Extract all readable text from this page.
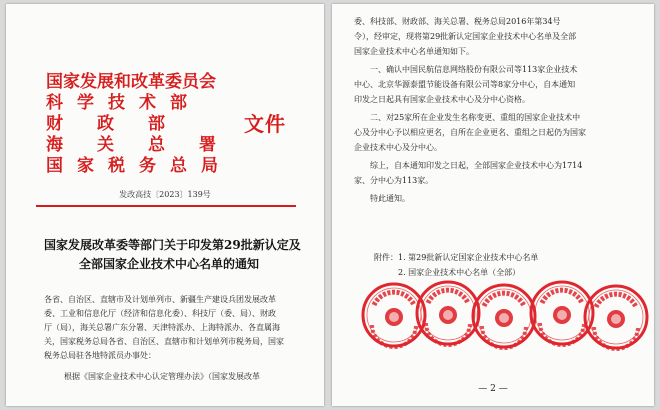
国家发展和改革委员会
科学技术部
财政部
海关总署
国家税务总局
文件
发改高技〔2023〕139号
国家发展改革委等部门关于印发第29批新认定及
全部国家企业技术中心名单的通知
各省、自治区、直辖市及计划单列市、新疆生产建设兵团发展改革
委、工业和信息化厅（经济和信息化委）、科技厅（委、局）、财政
厅（局），海关总署广东分署、天津特派办、上海特派办、各直属海
关，国家税务总局各省、自治区、直辖市和计划单列市税务局，国家
税务总局驻各地特派员办事处：
根据《国家企业技术中心认定管理办法》（国家发展改革
委、科技部、财政部、海关总署、税务总局2016年第34号
令），经审定，现将第29批新认定国家企业技术中心名单及全部
国家企业技术中心名单通知如下。
一、确认中国民航信息网络股份有限公司等113家企业技术
中心、北京华源泰盟节能设备有限公司等8家分中心，自本通知
印发之日起具有国家企业技术中心及分中心资格。
二、对25家所在企业发生名称变更、重组的国家企业技术中
心及分中心予以相应更名，自所在企业更名、重组之日起仍为国家
企业技术中心及分中心。
综上，自本通知印发之日起，全部国家企业技术中心为1714
家、分中心为113家。
特此通知。
附件：1. 第29批新认定国家企业技术中心名单
2. 国家企业技术中心名单（全部）
— 2 —
